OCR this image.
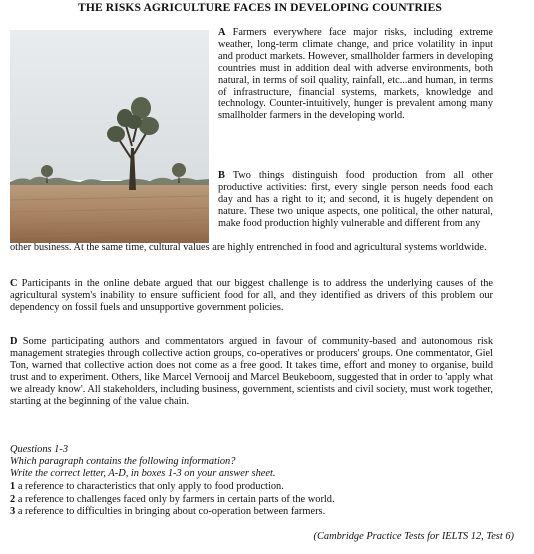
THE RISKS AGRICULTURE FACES IN DEVELOPING COUNTRIES
A Farmers everywhere face major risks, including extreme weather, long-term climate change, and price volatility in input and product markets. However, smallholder farmers in developing countries must in addition deal with adverse environments, both natural, in terms of soil quality, rainfall, etc...and human, in terms of infrastructure, financial systems, markets, knowledge and technology. Counter-intuitively, hunger is prevalent among many smallholder farmers in the developing world.
B Two things distinguish food production from all other productive activities: first, every single person needs food each day and has a right to it; and second, it is hugely dependent on nature. These two unique aspects, one political, the other natural, make food production highly vulnerable and different from any
other business. At the same time, cultural values are highly entrenched in food and agricultural systems worldwide.
C Participants in the online debate argued that our biggest challenge is to address the underlying causes of the agricultural system's inability to ensure sufficient food for all, and they identified as drivers of this problem our dependency on fossil fuels and unsupportive government policies.
D Some participating authors and commentators argued in favour of community-based and autonomous risk management strategies through collective action groups, co-operatives or producers' groups. One commentator, Giel Ton, warned that collective action does not come as a free good. It takes time, effort and money to organise, build trust and to experiment. Others, like Marcel Vernooij and Marcel Beukeboom, suggested that in order to 'apply what we already know'. All stakeholders, including business, government, scientists and civil society, must work together, starting at the beginning of the value chain.
Questions 1-3
Which paragraph contains the following information?
Write the correct letter, A-D, in boxes 1-3 on your answer sheet.
1 a reference to characteristics that only apply to food production.
2 a reference to challenges faced only by farmers in certain parts of the world.
3 a reference to difficulties in bringing about co-operation between farmers.
(Cambridge Practice Tests for IELTS 12, Test 6)
